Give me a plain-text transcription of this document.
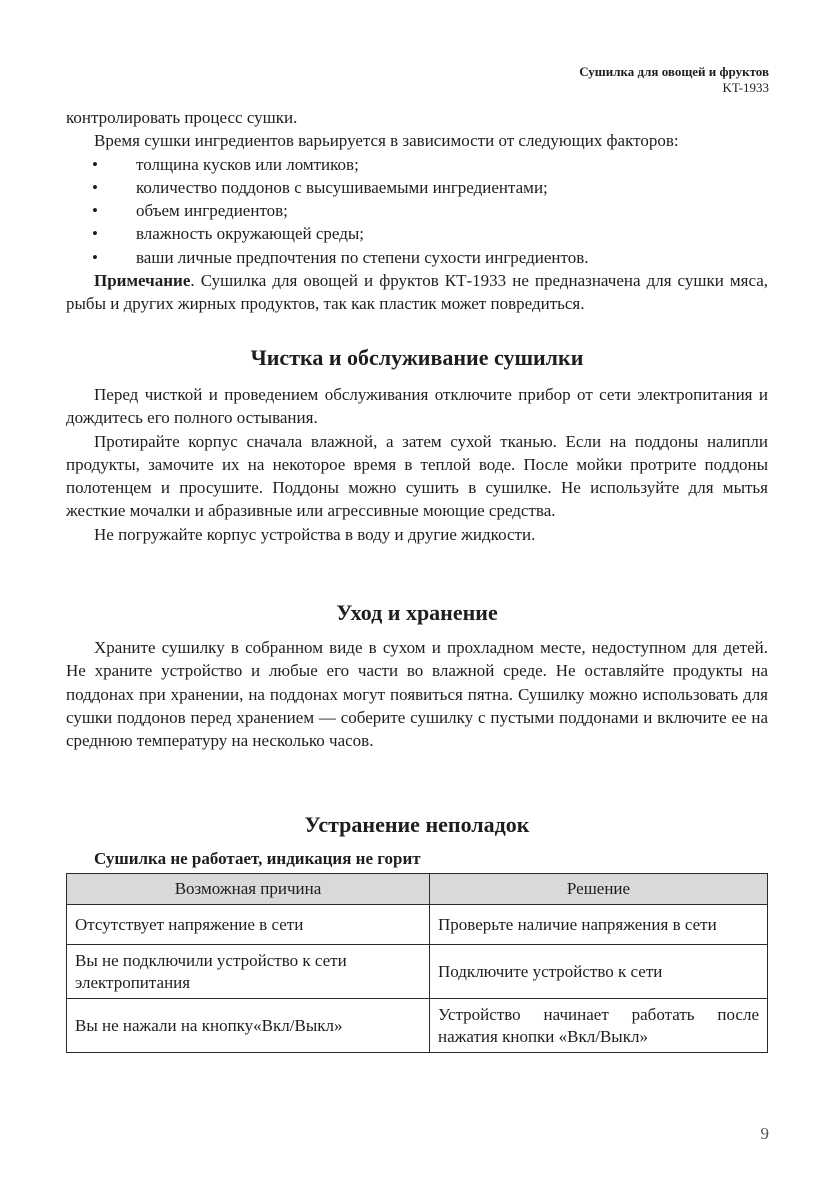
Сушилка для овощей и фруктов
KT-1933

контролировать процесс сушки.

Время сушки ингредиентов варьируется в зависимости от следующих факторов:

• толщина кусков или ломтиков;
• количество поддонов с высушиваемыми ингредиентами;
• объем ингредиентов;
• влажность окружающей среды;
• ваши личные предпочтения по степени сухости ингредиентов.

Примечание. Сушилка для овощей и фруктов КТ-1933 не предназначена для сушки мяса, рыбы и других жирных продуктов, так как пластик может повредиться.

Чистка и обслуживание сушилки

Перед чисткой и проведением обслуживания отключите прибор от сети электропитания и дождитесь его полного остывания.

Протирайте корпус сначала влажной, а затем сухой тканью. Если на поддоны налипли продукты, замочите их на некоторое время в теплой воде. После мойки протрите поддоны полотенцем и просушите. Поддоны можно сушить в сушилке. Не используйте для мытья жесткие мочалки и абразивные или агрессивные моющие средства.

Не погружайте корпус устройства в воду и другие жидкости.

Уход и хранение

Храните сушилку в собранном виде в сухом и прохладном месте, недоступном для детей. Не храните устройство и любые его части во влажной среде. Не оставляйте продукты на поддонах при хранении, на поддонах могут появиться пятна. Сушилку можно использовать для сушки поддонов перед хранением — соберите сушилку с пустыми поддонами и включите ее на среднюю температуру на несколько часов.

Устранение неполадок

Сушилка не работает, индикация не горит

Возможная причина	Решение
Отсутствует напряжение в сети	Проверьте наличие напряжения в сети
Вы не подключили устройство к сети электропитания	Подключите устройство к сети
Вы не нажали на кнопку«Вкл/Выкл»	Устройство начинает работать после нажатия кнопки «Вкл/Выкл»
9
